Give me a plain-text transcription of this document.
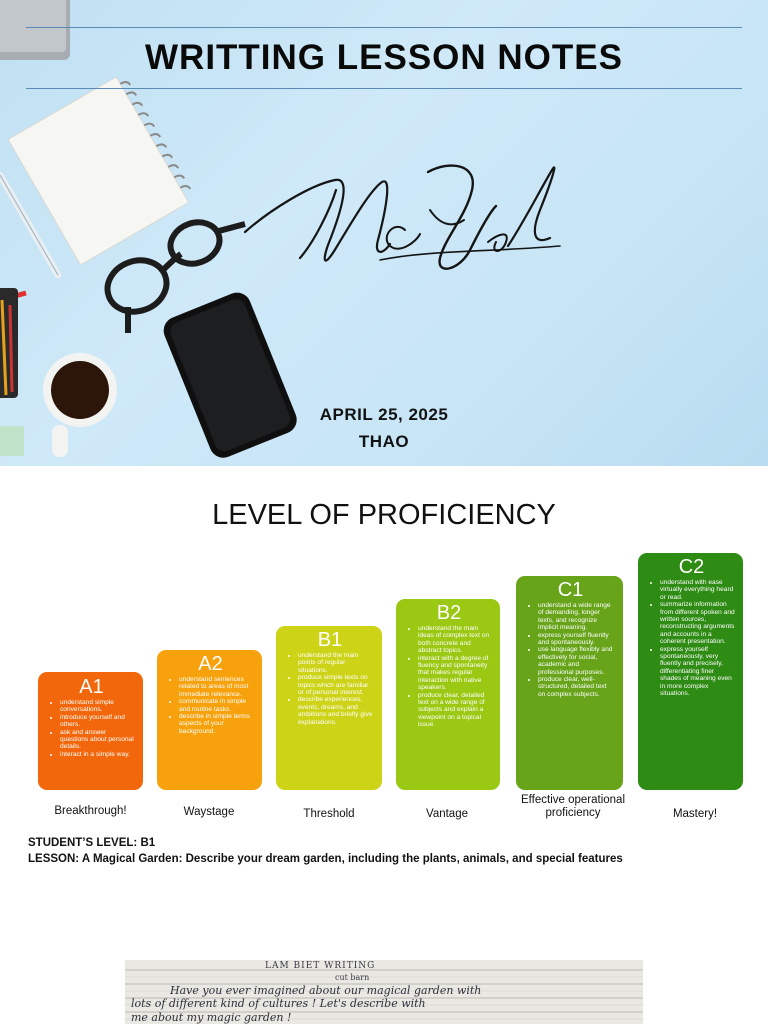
WRITTING LESSON NOTES
APRIL 25, 2025
THAO
LEVEL OF PROFICIENCY
A1
• understand simple conversations.
• introduce yourself and others.
• ask and answer questions about personal details.
• interact in a simple way.
A2
• understand sentences related to areas of most immediate relevance.
• communicate in simple and routine tasks.
• describe in simple terms aspects of your background.
B1
• understand the main points of regular situations.
• produce simple texts on topics which are familiar or of personal interest.
• describe experiences, events, dreams, and ambitions and briefly give explanations.
B2
• understand the main ideas of complex text on both concrete and abstract topics.
• interact with a degree of fluency and spontaneity that makes regular interaction with native speakers.
• produce clear, detailed text on a wide range of subjects and explain a viewpoint on a topical issue.
C1
• understand a wide range of demanding, longer texts, and recognize implicit meaning.
• express yourself fluently and spontaneously.
• use language flexibly and effectively for social, academic and professional purposes.
• produce clear, well-structured, detailed text on complex subjects.
C2
• understand with ease virtually everything heard or read.
• summarize information from different spoken and written sources, reconstructing arguments and accounts in a coherent presentation.
• express yourself spontaneously, very fluently and precisely, differentiating finer shades of meaning even in more complex situations.
Breakthrough!	Waystage	Threshold	Vantage
Effective operational proficiency	Mastery!
STUDENT’S LEVEL: B1
LESSON: A Magical Garden: Describe your dream garden, including the plants, animals, and special features
LAM BIET WRITING
cut barn
Have you ever imagined about our magical garden with
lots of different kind of cultures ! Let's describe with
me about my magic garden !
